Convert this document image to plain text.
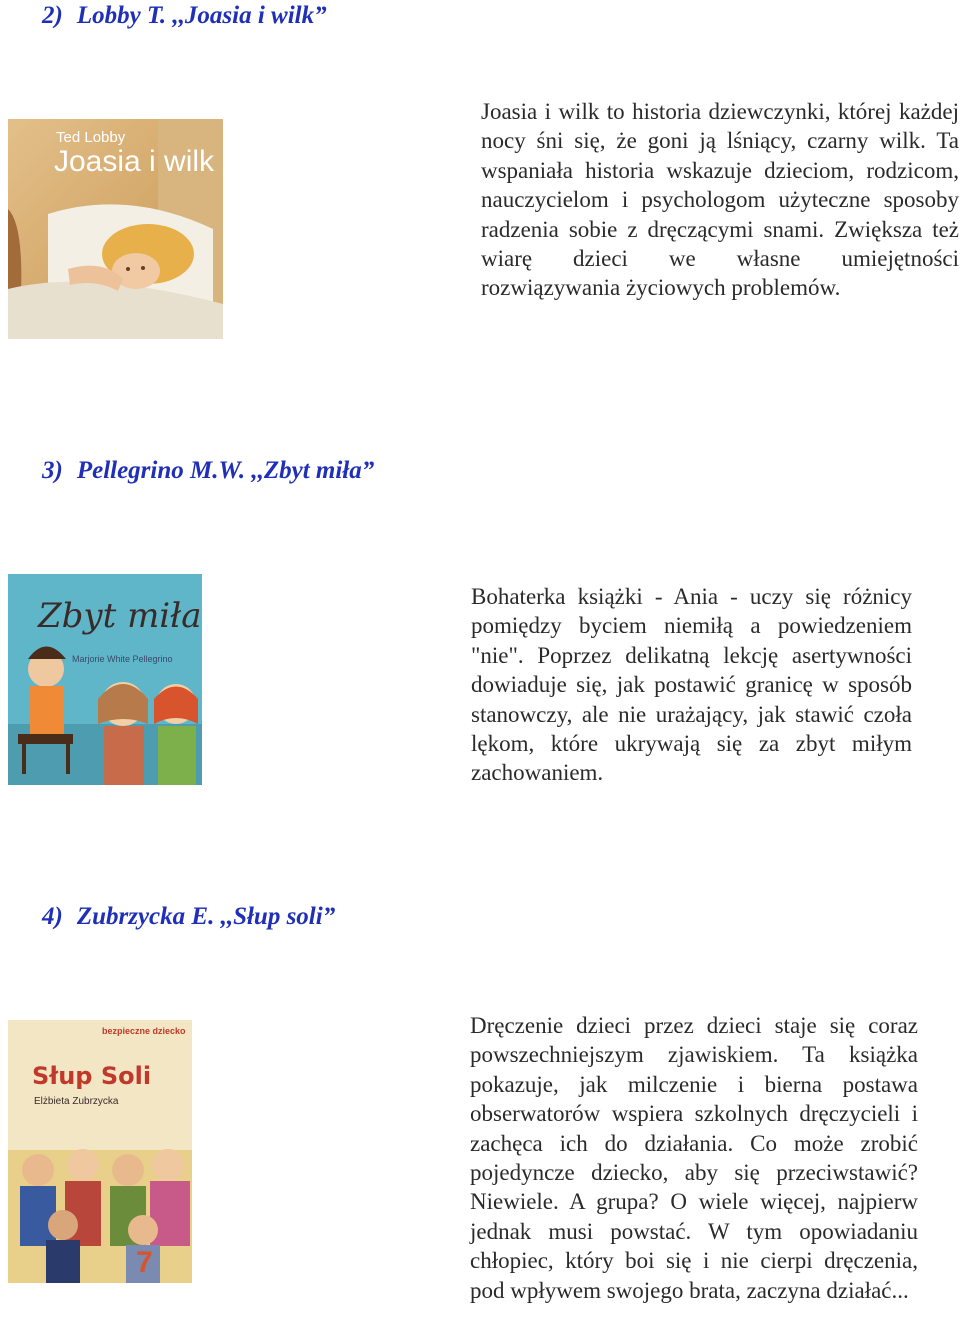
2) Lobby T. ,,Joasia i wilk”
Ted Lobby
Joasia i wilk

Joasia i wilk to historia dziewczynki, której każdej nocy śni się, że goni ją lśniący, czarny wilk. Ta wspaniała historia wskazuje dzieciom, rodzicom, nauczycielom i psychologom użyteczne sposoby radzenia sobie z dręczącymi snami. Zwiększa też wiarę dzieci we własne umiejętności rozwiązywania życiowych problemów.

3) Pellegrino M.W. ,,Zbyt miła”
Zbyt miła
Marjorie White Pellegrino

Bohaterka książki - Ania - uczy się różnicy pomiędzy byciem niemiłą a powiedzeniem "nie". Poprzez delikatną lekcję asertywności dowiaduje się, jak postawić granicę w sposób stanowczy, ale nie urażający, jak stawić czoła lękom, które ukrywają się za zbyt miłym zachowaniem.

4) Zubrzycka E. ,,Słup soli”
7
bezpieczne dziecko
Słup Soli
Elżbieta Zubrzycka

Dręczenie dzieci przez dzieci staje się coraz powszechniejszym zjawiskiem. Ta książka pokazuje, jak milczenie i bierna postawa obserwatorów wspiera szkolnych dręczycieli i zachęca ich do działania. Co może zrobić pojedyncze dziecko, aby się przeciwstawić? Niewiele. A grupa? O wiele więcej, najpierw jednak musi powstać. W tym opowiadaniu chłopiec, który boi się i nie cierpi dręczenia, pod wpływem swojego brata, zaczyna działać...
